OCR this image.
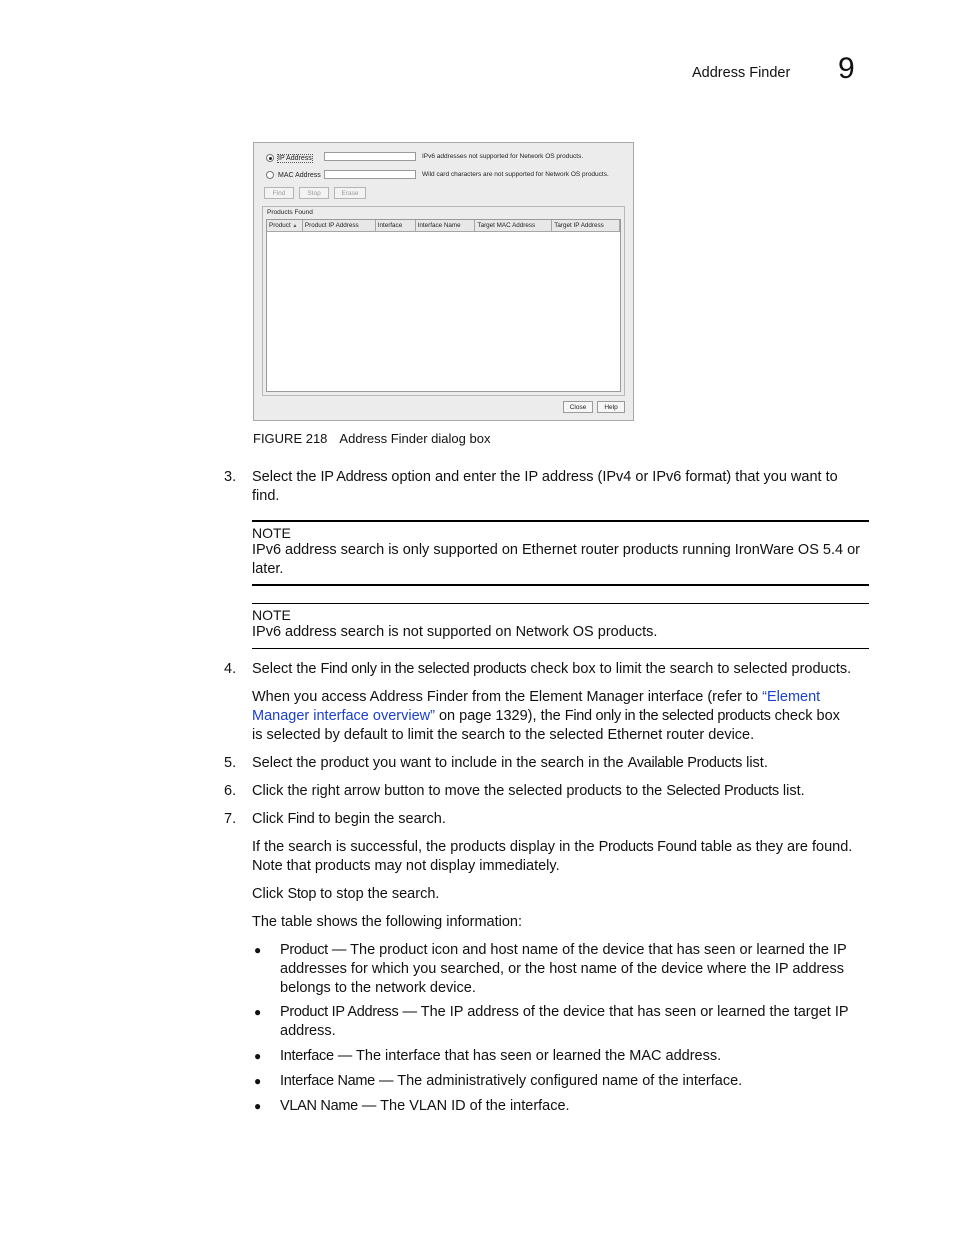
Address Finder 9
IP Address	IPv6 addresses not supported for Network OS products.
MAC Address	Wild card characters are not supported for Network OS products.
Find	Stop	Erase
Products Found
Product ▲	Product IP Address	Interface	Interface Name	Target MAC Address	Target IP Address
Close	Help
FIGURE 218 Address Finder dialog box
3. Select the IP Address option and enter the IP address (IPv4 or IPv6 format) that you want to
find.
NOTE
IPv6 address search is only supported on Ethernet router products running IronWare OS 5.4 or
later.
NOTE
IPv6 address search is not supported on Network OS products.
4. Select the Find only in the selected products check box to limit the search to selected products.
When you access Address Finder from the Element Manager interface (refer to “Element
Manager interface overview” on page 1329), the Find only in the selected products check box
is selected by default to limit the search to the selected Ethernet router device.
5. Select the product you want to include in the search in the Available Products list.
6. Click the right arrow button to move the selected products to the Selected Products list.
7. Click Find to begin the search.
If the search is successful, the products display in the Products Found table as they are found.
Note that products may not display immediately.
Click Stop to stop the search.
The table shows the following information:
● Product — The product icon and host name of the device that has seen or learned the IP
addresses for which you searched, or the host name of the device where the IP address
belongs to the network device.
● Product IP Address — The IP address of the device that has seen or learned the target IP
address.
● Interface — The interface that has seen or learned the MAC address.
● Interface Name — The administratively configured name of the interface.
● VLAN Name — The VLAN ID of the interface.
